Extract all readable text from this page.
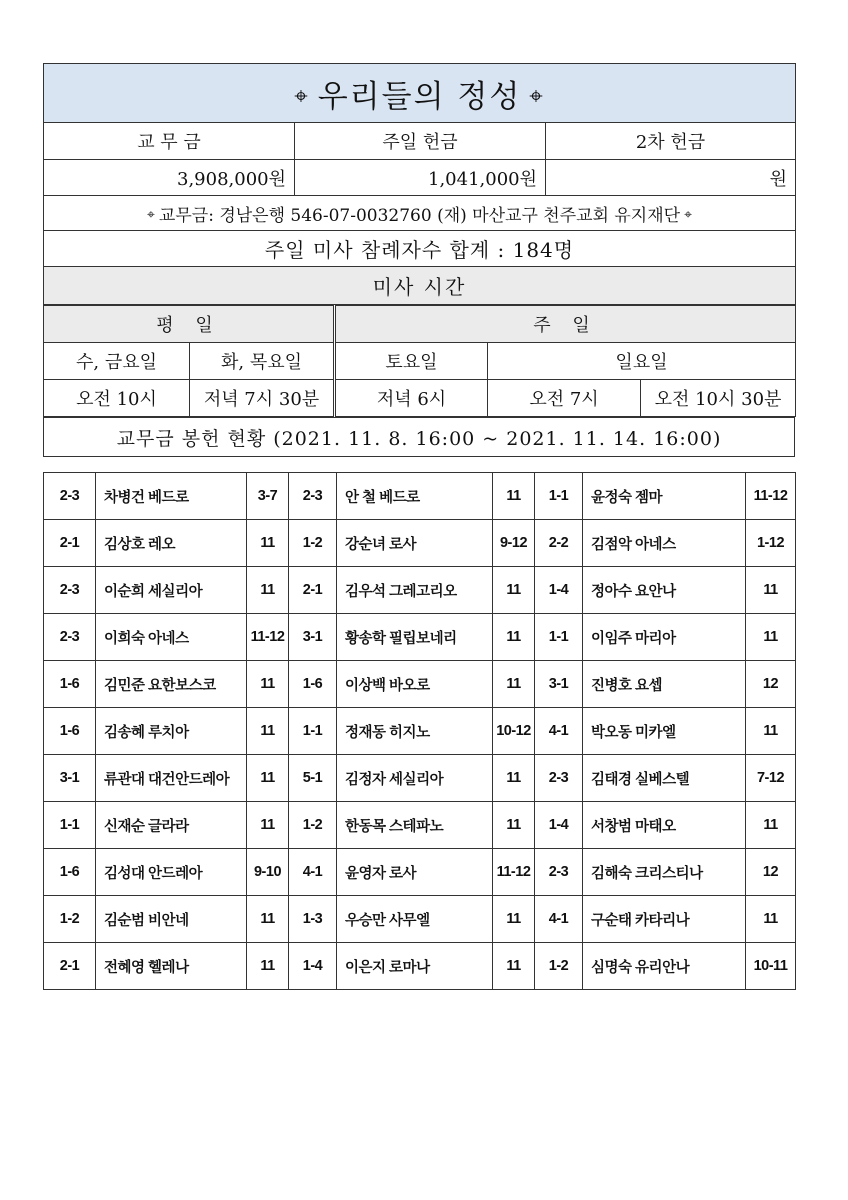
⌖ 우리들의 정성 ⌖		
교 무 금	주일 헌금	2차 헌금
3,908,000원	1,041,000원	원
⌖ 교무금: 경남은행 546-07-0032760 (재) 마산교구 천주교회 유지재단 ⌖		
주일 미사 참례자수 합계 : 184명		
미사 시간		
평 일		주 일		
수, 금요일	화, 목요일	토요일	일요일	
오전 10시	저녁 7시 30분	저녁 6시	오전 7시	오전 10시 30분
교무금 봉헌 현황 (2021. 11. 8. 16:00 ~ 2021. 11. 14. 16:00)
2-3	차병건 베드로	3-7	2-3	안 철 베드로	11	1-1	윤정숙 젬마	11-12
2-1	김상호 레오	11	1-2	강순녀 로사	9-12	2-2	김점악 아네스	1-12
2-3	이순희 세실리아	11	2-1	김우석 그레고리오	11	1-4	정아수 요안나	11
2-3	이희숙 아네스	11-12	3-1	황송학 필립보네리	11	1-1	이임주 마리아	11
1-6	김민준 요한보스코	11	1-6	이상백 바오로	11	3-1	진병호 요셉	12
1-6	김송혜 루치아	11	1-1	정재동 히지노	10-12	4-1	박오동 미카엘	11
3-1	류관대 대건안드레아	11	5-1	김정자 세실리아	11	2-3	김태경 실베스텔	7-12
1-1	신재순 글라라	11	1-2	한동목 스테파노	11	1-4	서창범 마태오	11
1-6	김성대 안드레아	9-10	4-1	윤영자 로사	11-12	2-3	김해숙 크리스티나	12
1-2	김순범 비안네	11	1-3	우승만 사무엘	11	4-1	구순태 카타리나	11
2-1	전혜영 헬레나	11	1-4	이은지 로마나	11	1-2	심명숙 유리안나	10-11
